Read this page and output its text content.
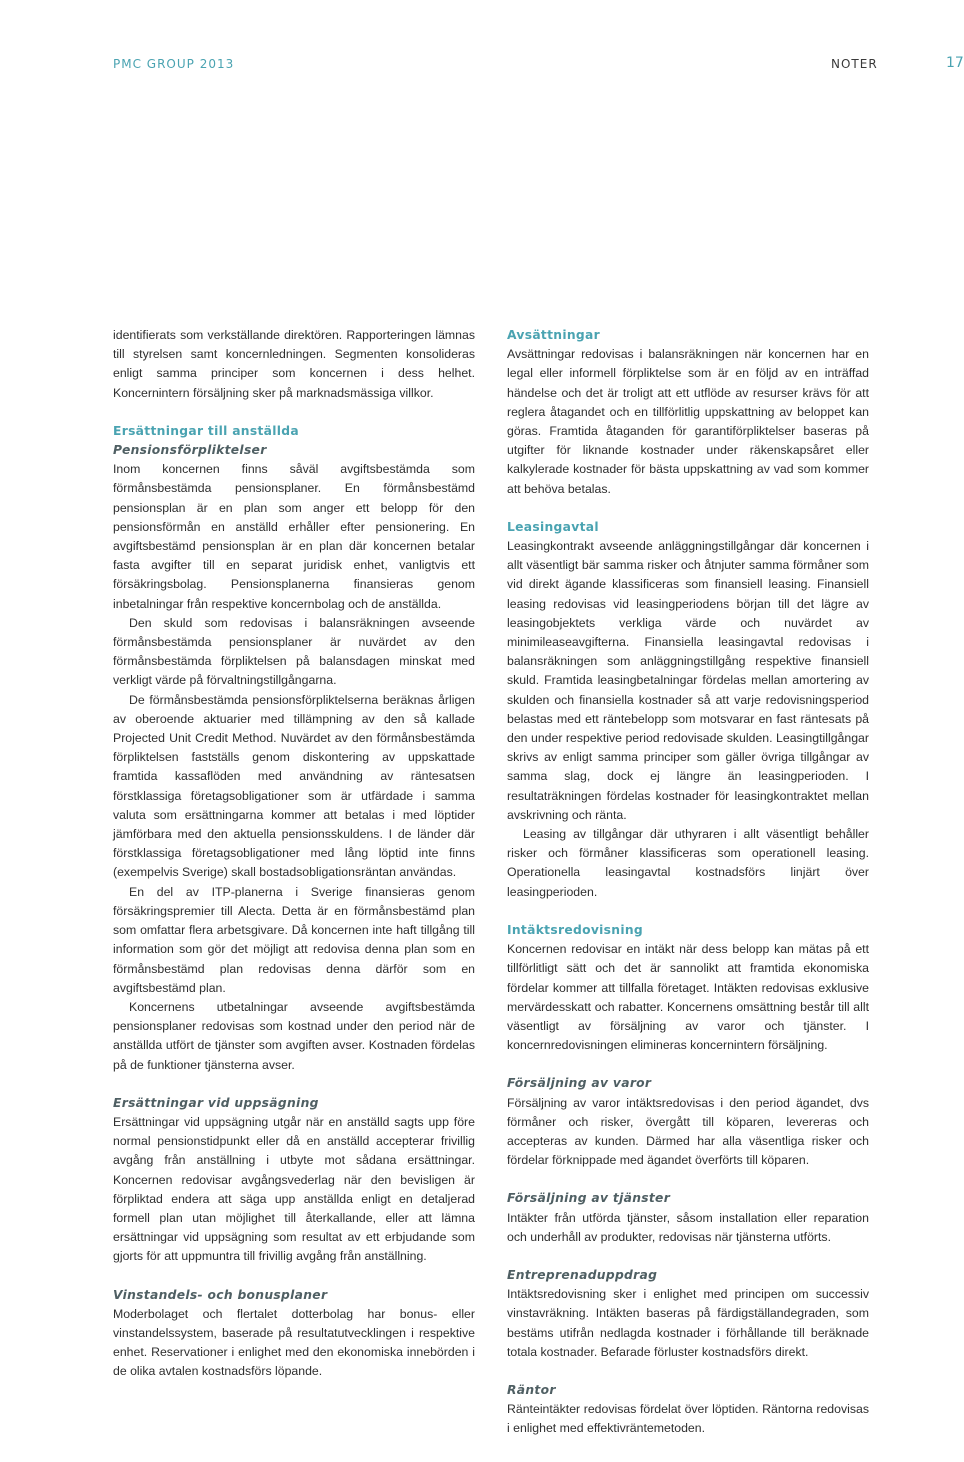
PMC GROUP 2013	NOTER	17

identifierats som verkställande direktören. Rapporteringen lämnas till styrelsen samt koncernledningen. Segmenten konsolideras enligt samma principer som koncernen i dess helhet. Koncernintern försäljning sker på marknadsmässiga villkor.

Ersättningar till anställda
Pensionsförpliktelser

Inom koncernen finns såväl avgiftsbestämda som förmånsbestämda pensionsplaner. En förmånsbestämd pensionsplan är en plan som anger ett belopp för den pensionsförmån en anställd erhåller efter pensionering. En avgiftsbestämd pensionsplan är en plan där koncernen betalar fasta avgifter till en separat juridisk enhet, vanligtvis ett försäkringsbolag. Pensionsplanerna finansieras genom inbetalningar från respektive koncernbolag och de anställda.

Den skuld som redovisas i balansräkningen avseende förmånsbestämda pensionsplaner är nuvärdet av den förmånsbestämda förpliktelsen på balansdagen minskat med verkligt värde på förvaltningstillgångarna.

De förmånsbestämda pensionsförpliktelserna beräknas årligen av oberoende aktuarier med tillämpning av den så kallade Projected Unit Credit Method. Nuvärdet av den förmånsbestämda förpliktelsen fastställs genom diskontering av uppskattade framtida kassaflöden med användning av räntesatsen förstklassiga företagsobligationer som är utfärdade i samma valuta som ersättningarna kommer att betalas i med löptider jämförbara med den aktuella pensionsskuldens. I de länder där förstklassiga företagsobligationer med lång löptid inte finns (exempelvis Sverige) skall bostadsobligationsräntan användas.

En del av ITP-planerna i Sverige finansieras genom försäkringspremier till Alecta. Detta är en förmånsbestämd plan som omfattar flera arbetsgivare. Då koncernen inte haft tillgång till information som gör det möjligt att redovisa denna plan som en förmånsbestämd plan redovisas denna därför som en avgiftsbestämd plan.

Koncernens utbetalningar avseende avgiftsbestämda pensionsplaner redovisas som kostnad under den period när de anställda utfört de tjänster som avgiften avser. Kostnaden fördelas på de funktioner tjänsterna avser.

Ersättningar vid uppsägning

Ersättningar vid uppsägning utgår när en anställd sagts upp före normal pensionstidpunkt eller då en anställd accepterar frivillig avgång från anställning i utbyte mot sådana ersättningar. Koncernen redovisar avgångsvederlag när den bevisligen är förpliktad endera att säga upp anställda enligt en detaljerad formell plan utan möjlighet till återkallande, eller att lämna ersättningar vid uppsägning som resultat av ett erbjudande som gjorts för att uppmuntra till frivillig avgång från anställning.

Vinstandels- och bonusplaner

Moderbolaget och flertalet dotterbolag har bonus- eller vinstandelssystem, baserade på resultatutvecklingen i respektive enhet. Reservationer i enlighet med den ekonomiska innebörden i de olika avtalen kostnadsförs löpande.

Avsättningar

Avsättningar redovisas i balansräkningen när koncernen har en legal eller informell förpliktelse som är en följd av en inträffad händelse och det är troligt att ett utflöde av resurser krävs för att reglera åtagandet och en tillförlitlig uppskattning av beloppet kan göras. Framtida åtaganden för garantiförpliktelser baseras på utgifter för liknande kostnader under räkenskapsåret eller kalkylerade kostnader för bästa uppskattning av vad som kommer att behöva betalas.

Leasingavtal

Leasingkontrakt avseende anläggningstillgångar där koncernen i allt väsentligt bär samma risker och åtnjuter samma förmåner som vid direkt ägande klassificeras som finansiell leasing. Finansiell leasing redovisas vid leasingperiodens början till det lägre av leasingobjektets verkliga värde och nuvärdet av minimileaseavgifterna. Finansiella leasingavtal redovisas i balansräkningen som anläggningstillgång respektive finansiell skuld. Framtida leasingbetalningar fördelas mellan amortering av skulden och finansiella kostnader så att varje redovisningsperiod belastas med ett räntebelopp som motsvarar en fast räntesats på den under respektive period redovisade skulden. Leasingtillgångar skrivs av enligt samma principer som gäller övriga tillgångar av samma slag, dock ej längre än leasingperioden. I resultaträkningen fördelas kostnader för leasingkontraktet mellan avskrivning och ränta.

Leasing av tillgångar där uthyraren i allt väsentligt behåller risker och förmåner klassificeras som operationell leasing. Operationella leasingavtal kostnadsförs linjärt över leasingperioden.

Intäktsredovisning

Koncernen redovisar en intäkt när dess belopp kan mätas på ett tillförlitligt sätt och det är sannolikt att framtida ekonomiska fördelar kommer att tillfalla företaget. Intäkten redovisas exklusive mervärdesskatt och rabatter. Koncernens omsättning består till allt väsentligt av försäljning av varor och tjänster. I koncernredovisningen elimineras koncernintern försäljning.

Försäljning av varor

Försäljning av varor intäktsredovisas i den period ägandet, dvs förmåner och risker, övergått till köparen, levereras och accepteras av kunden. Därmed har alla väsentliga risker och fördelar förknippade med ägandet överförts till köparen.

Försäljning av tjänster

Intäkter från utförda tjänster, såsom installation eller reparation och underhåll av produkter, redovisas när tjänsterna utförts.

Entreprenaduppdrag

Intäktsredovisning sker i enlighet med principen om successiv vinstavräkning. Intäkten baseras på färdigställandegraden, som bestäms utifrån nedlagda kostnader i förhållande till beräknade totala kostnader. Befarade förluster kostnadsförs direkt.

Räntor

Ränteintäkter redovisas fördelat över löptiden. Räntorna redovisas i enlighet med effektivräntemetoden.
